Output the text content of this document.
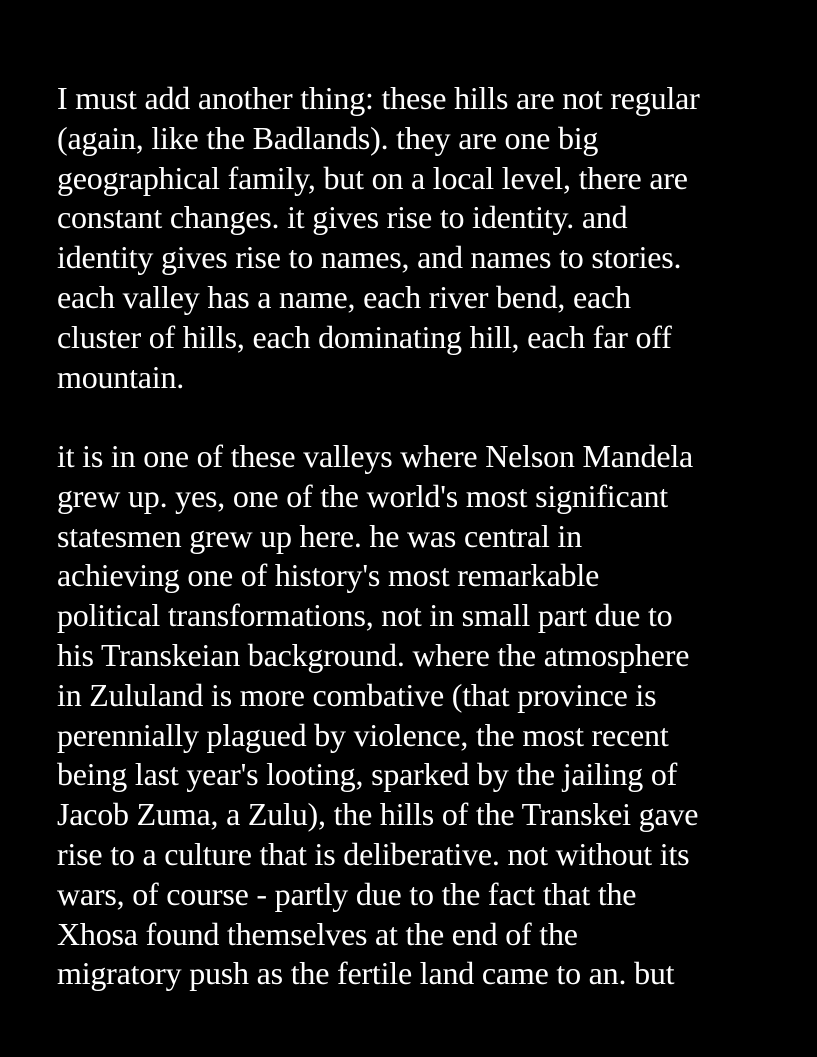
I must add another thing: these hills are not regular
(again, like the Badlands). they are one big
geographical family, but on a local level, there are
constant changes. it gives rise to identity. and
identity gives rise to names, and names to stories.
each valley has a name, each river bend, each
cluster of hills, each dominating hill, each far off
mountain.
it is in one of these valleys where Nelson Mandela
grew up. yes, one of the world's most significant
statesmen grew up here. he was central in
achieving one of history's most remarkable
political transformations, not in small part due to
his Transkeian background. where the atmosphere
in Zululand is more combative (that province is
perennially plagued by violence, the most recent
being last year's looting, sparked by the jailing of
Jacob Zuma, a Zulu), the hills of the Transkei gave
rise to a culture that is deliberative. not without its
wars, of course - partly due to the fact that the
Xhosa found themselves at the end of the
migratory push as the fertile land came to an. but
